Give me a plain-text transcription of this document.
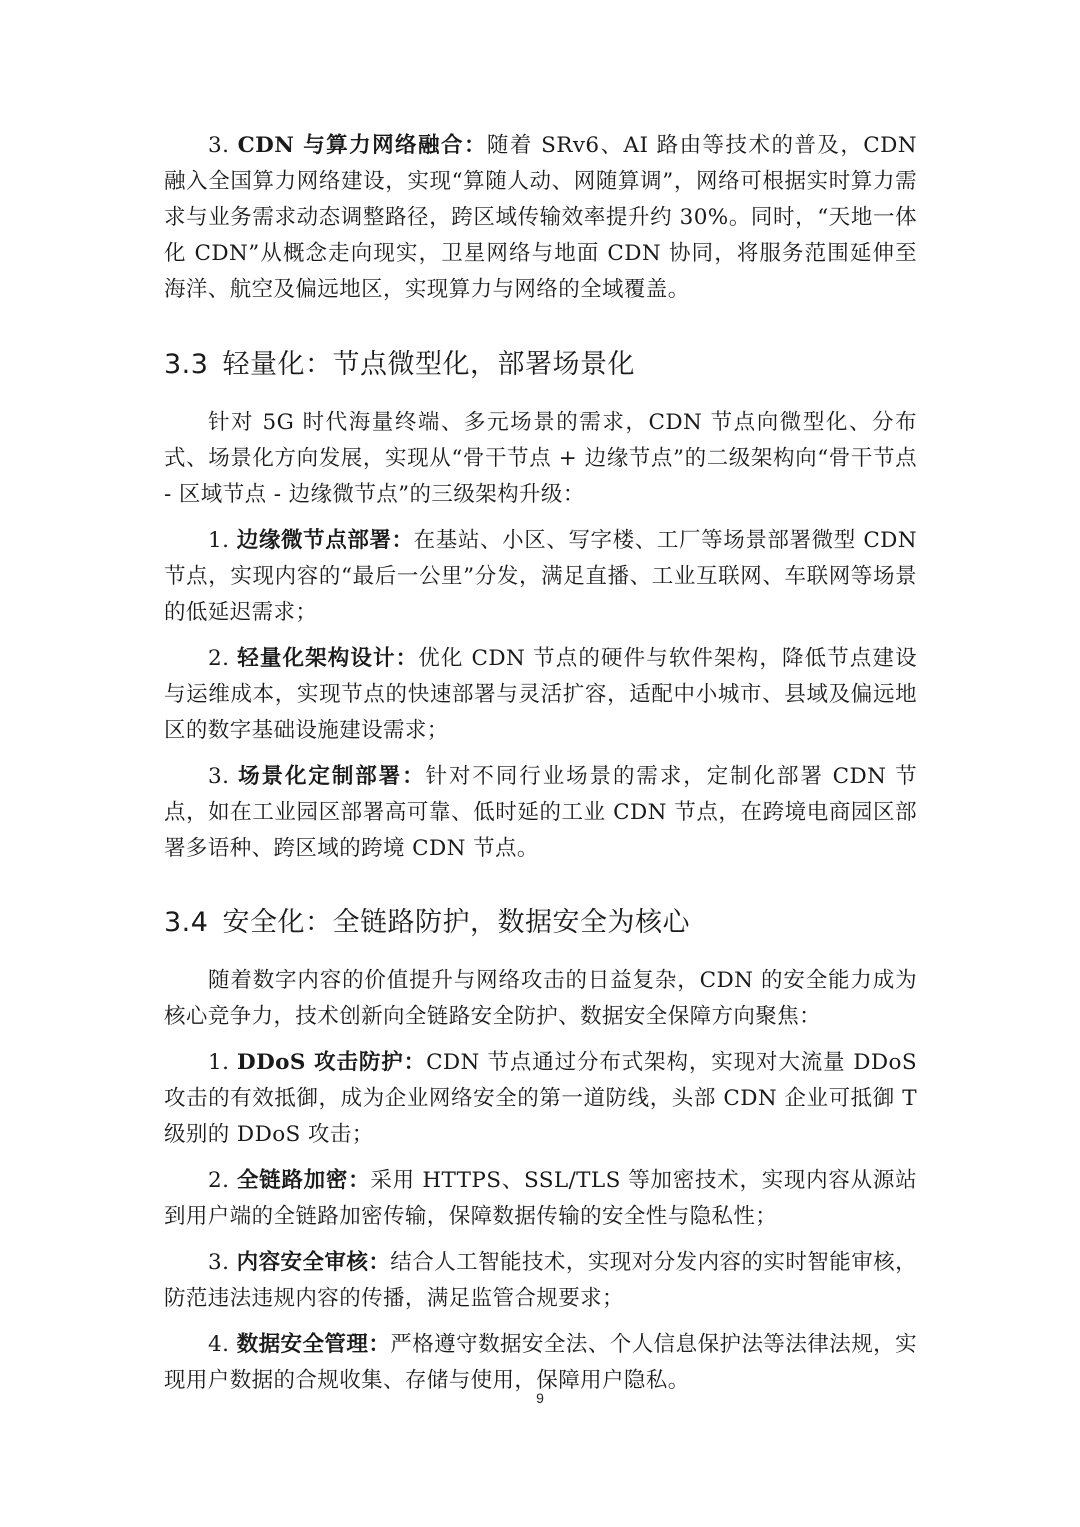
3. CDN 与算力网络融合：随着 SRv6、AI 路由等技术的普及，CDN 融入全国算力网络建设，实现“算随人动、网随算调”，网络可根据实时算力需求与业务需求动态调整路径，跨区域传输效率提升约 30%。同时，“天地一体化 CDN”从概念走向现实，卫星网络与地面 CDN 协同，将服务范围延伸至海洋、航空及偏远地区，实现算力与网络的全域覆盖。

3.3 轻量化：节点微型化，部署场景化

针对 5G 时代海量终端、多元场景的需求，CDN 节点向微型化、分布式、场景化方向发展，实现从“骨干节点 + 边缘节点”的二级架构向“骨干节点 - 区域节点 - 边缘微节点”的三级架构升级：

1. 边缘微节点部署：在基站、小区、写字楼、工厂等场景部署微型 CDN 节点，实现内容的“最后一公里”分发，满足直播、工业互联网、车联网等场景的低延迟需求；

2. 轻量化架构设计：优化 CDN 节点的硬件与软件架构，降低节点建设与运维成本，实现节点的快速部署与灵活扩容，适配中小城市、县域及偏远地区的数字基础设施建设需求；

3. 场景化定制部署：针对不同行业场景的需求，定制化部署 CDN 节点，如在工业园区部署高可靠、低时延的工业 CDN 节点，在跨境电商园区部署多语种、跨区域的跨境 CDN 节点。

3.4 安全化：全链路防护，数据安全为核心

随着数字内容的价值提升与网络攻击的日益复杂，CDN 的安全能力成为核心竞争力，技术创新向全链路安全防护、数据安全保障方向聚焦：

1. DDoS 攻击防护：CDN 节点通过分布式架构，实现对大流量 DDoS 攻击的有效抵御，成为企业网络安全的第一道防线，头部 CDN 企业可抵御 T 级别的 DDoS 攻击；

2. 全链路加密：采用 HTTPS、SSL/TLS 等加密技术，实现内容从源站到用户端的全链路加密传输，保障数据传输的安全性与隐私性；

3. 内容安全审核：结合人工智能技术，实现对分发内容的实时智能审核，防范违法违规内容的传播，满足监管合规要求；

4. 数据安全管理：严格遵守数据安全法、个人信息保护法等法律法规，实现用户数据的合规收集、存储与使用，保障用户隐私。

9
